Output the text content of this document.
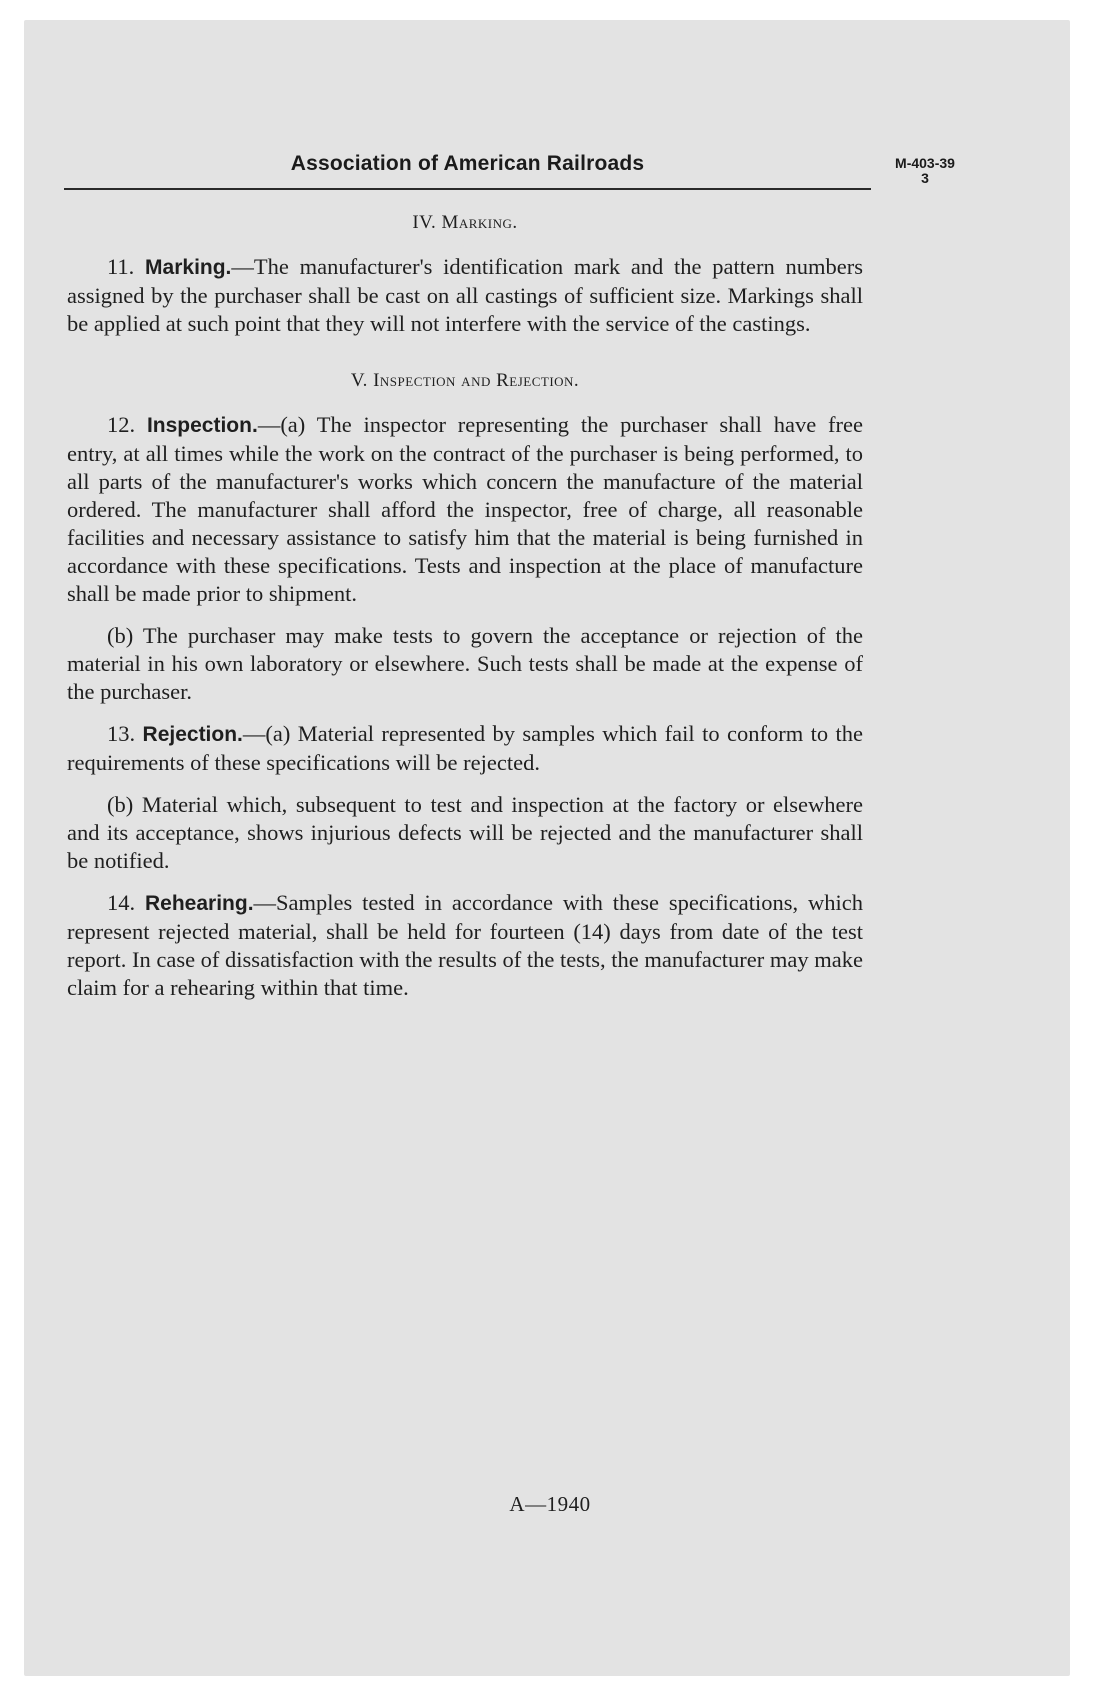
Association of American Railroads	M-403-39
3

IV. Marking.

11. Marking.—The manufacturer's identification mark and the pattern numbers assigned by the purchaser shall be cast on all castings of sufficient size. Markings shall be applied at such point that they will not interfere with the service of the castings.

V. Inspection and Rejection.

12. Inspection.—(a) The inspector representing the purchaser shall have free entry, at all times while the work on the contract of the purchaser is being performed, to all parts of the manufacturer's works which concern the manufacture of the material ordered. The manufacturer shall afford the inspector, free of charge, all reasonable facilities and necessary assistance to satisfy him that the material is being furnished in accordance with these specifications. Tests and inspection at the place of manufacture shall be made prior to shipment.

(b) The purchaser may make tests to govern the acceptance or rejection of the material in his own laboratory or elsewhere. Such tests shall be made at the expense of the purchaser.

13. Rejection.—(a) Material represented by samples which fail to conform to the requirements of these specifications will be rejected.

(b) Material which, subsequent to test and inspection at the factory or elsewhere and its acceptance, shows injurious defects will be rejected and the manufacturer shall be notified.

14. Rehearing.—Samples tested in accordance with these specifications, which represent rejected material, shall be held for fourteen (14) days from date of the test report. In case of dissatisfaction with the results of the tests, the manufacturer may make claim for a rehearing within that time.

A—1940
